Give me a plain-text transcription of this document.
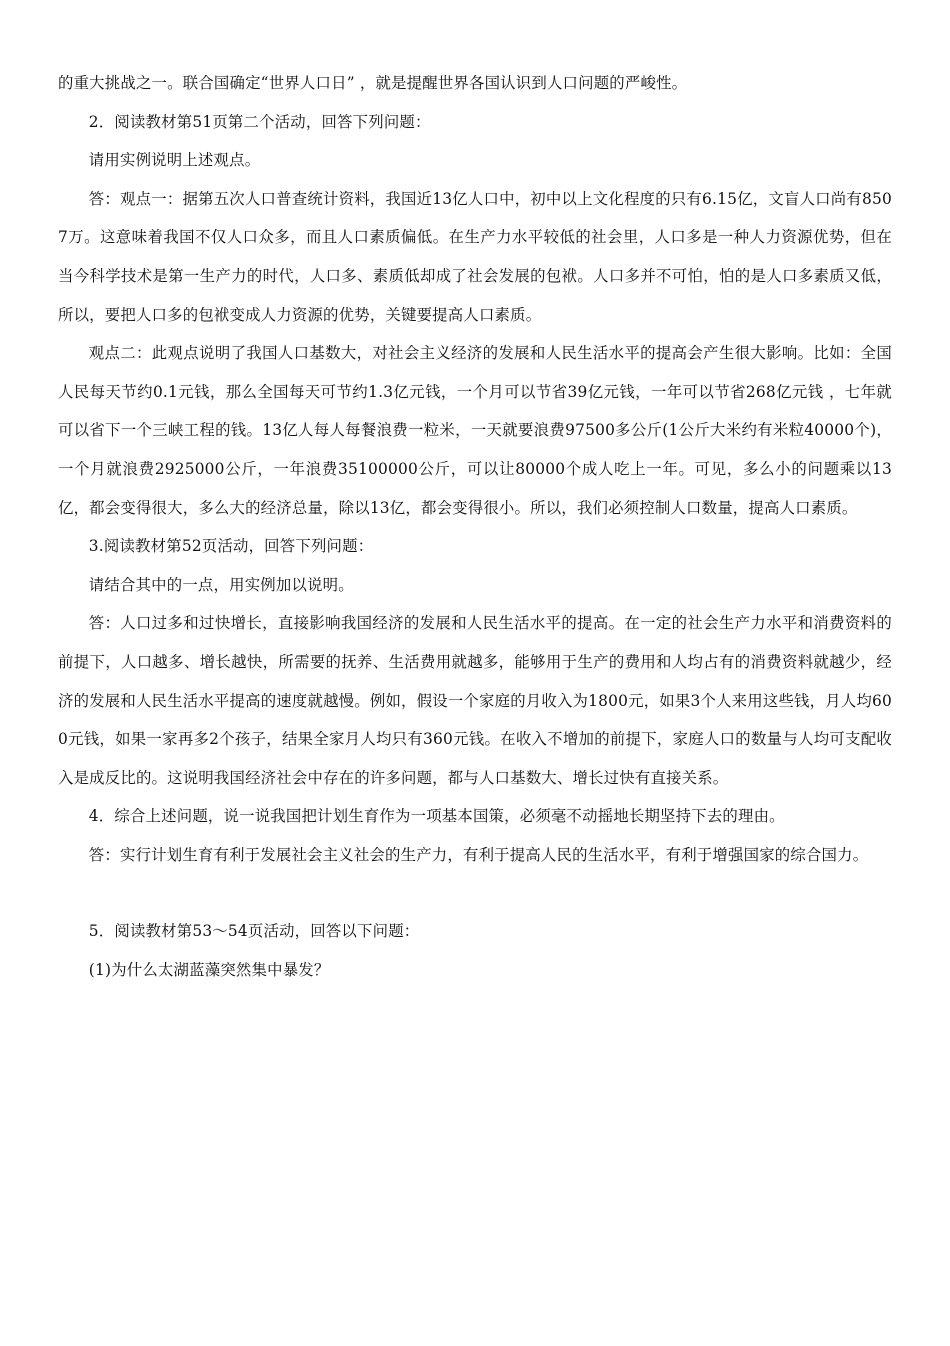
的重大挑战之一。联合国确定“世界人口日” ，就是提醒世界各国认识到人口问题的严峻性。

2．阅读教材第51页第二个活动，回答下列问题：

请用实例说明上述观点。

答：观点一：据第五次人口普查统计资料，我国近13亿人口中，初中以上文化程度的只有6.15亿，文盲人口尚有8507万。这意味着我国不仅人口众多，而且人口素质偏低。在生产力水平较低的社会里，人口多是一种人力资源优势，但在当今科学技术是第一生产力的时代，人口多、素质低却成了社会发展的包袱。人口多并不可怕，怕的是人口多素质又低，所以，要把人口多的包袱变成人力资源的优势，关键要提高人口素质。

观点二：此观点说明了我国人口基数大，对社会主义经济的发展和人民生活水平的提高会产生很大影响。比如：全国人民每天节约0.1元钱，那么全国每天可节约1.3亿元钱，一个月可以节省39亿元钱，一年可以节省268亿元钱 ，七年就可以省下一个三峡工程的钱。13亿人每人每餐浪费一粒米，一天就要浪费97500多公斤(1公斤大米约有米粒40000个)，一个月就浪费2925000公斤，一年浪费35100000公斤，可以让80000个成人吃上一年。可见，多么小的问题乘以13亿，都会变得很大，多么大的经济总量，除以13亿，都会变得很小。所以，我们必须控制人口数量，提高人口素质。

3.阅读教材第52页活动，回答下列问题：

请结合其中的一点，用实例加以说明。

答：人口过多和过快增长，直接影响我国经济的发展和人民生活水平的提高。在一定的社会生产力水平和消费资料的前提下，人口越多、增长越快，所需要的抚养、生活费用就越多，能够用于生产的费用和人均占有的消费资料就越少，经济的发展和人民生活水平提高的速度就越慢。例如，假设一个家庭的月收入为1800元，如果3个人来用这些钱，月人均600元钱，如果一家再多2个孩子，结果全家月人均只有360元钱。在收入不增加的前提下，家庭人口的数量与人均可支配收入是成反比的。这说明我国经济社会中存在的许多问题，都与人口基数大、增长过快有直接关系。

4．综合上述问题，说一说我国把计划生育作为一项基本国策，必须毫不动摇地长期坚持下去的理由。

答：实行计划生育有利于发展社会主义社会的生产力，有利于提高人民的生活水平，有利于增强国家的综合国力。

5．阅读教材第53～54页活动，回答以下问题：

(1)为什么太湖蓝藻突然集中暴发？
